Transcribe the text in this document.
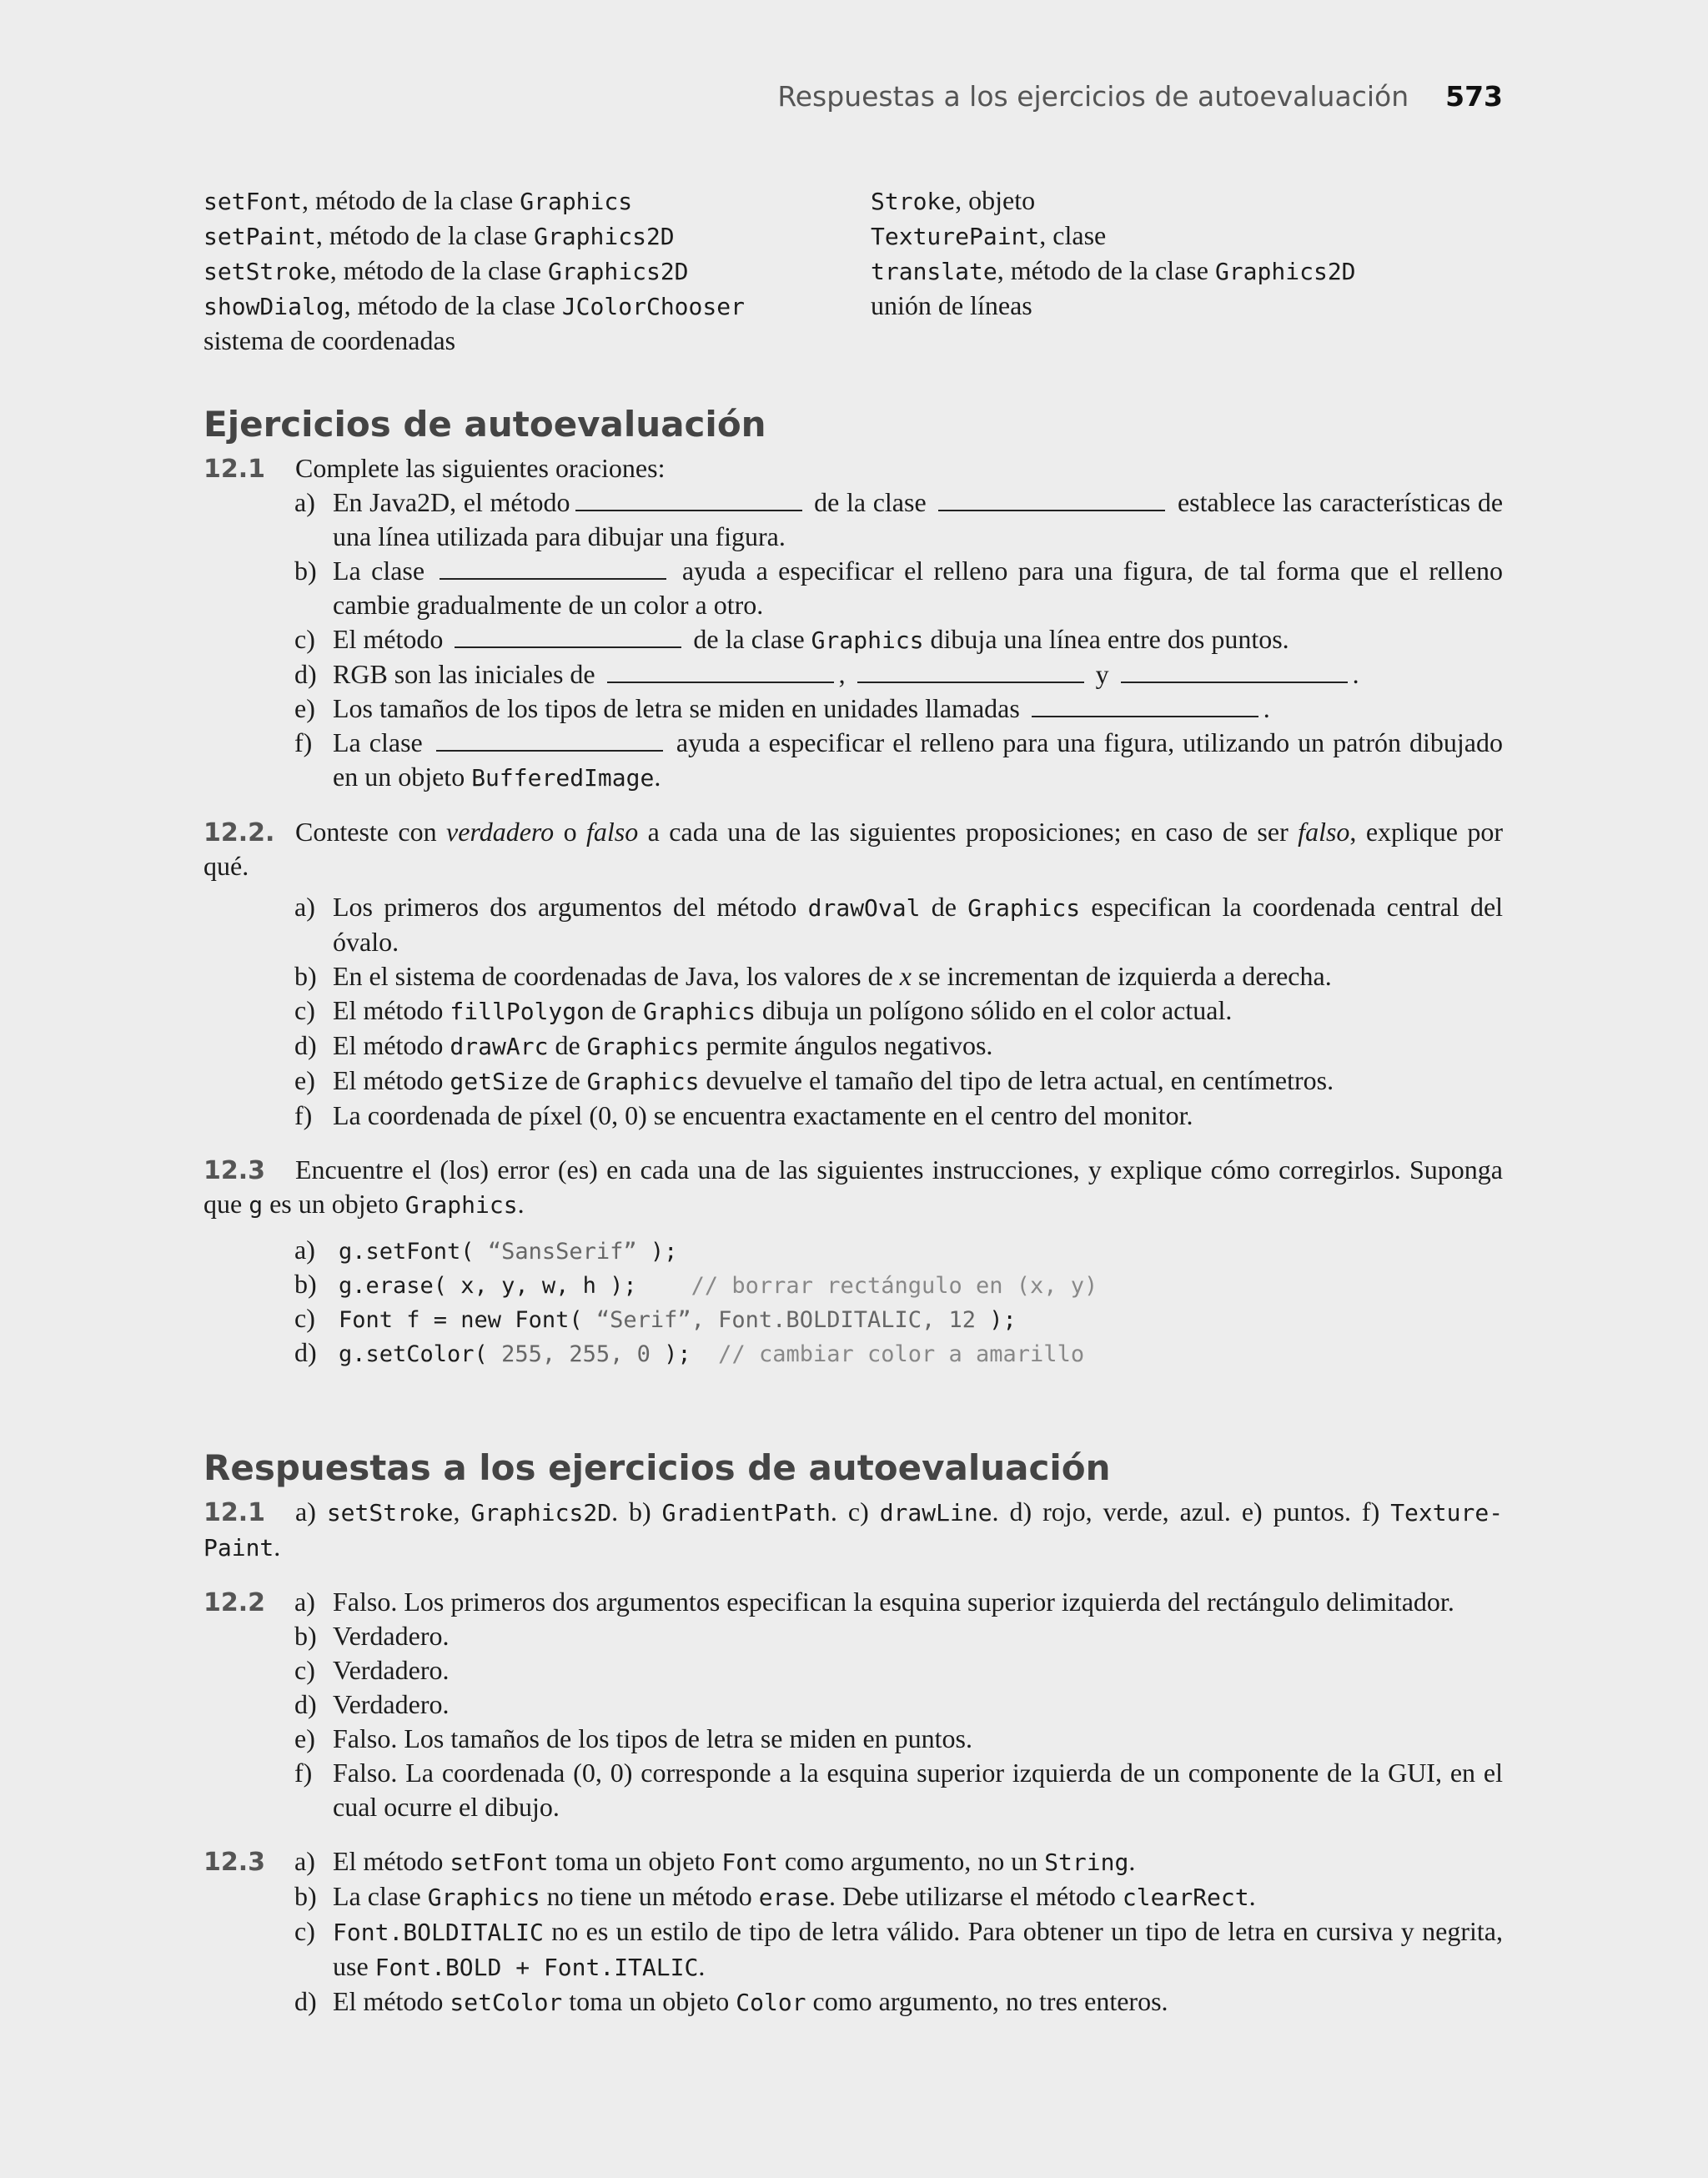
Respuestas a los ejercicios de autoevaluación 573
setFont, método de la clase Graphics
setPaint, método de la clase Graphics2D
setStroke, método de la clase Graphics2D
showDialog, método de la clase JColorChooser
sistema de coordenadas
Stroke, objeto
TexturePaint, clase
translate, método de la clase Graphics2D
unión de líneas
Ejercicios de autoevaluación
12.1	Complete las siguientes oraciones:
a) En Java2D, el método	de la clase	establece las características de una línea utilizada para dibujar una figura.
b) La clase	ayuda a especificar el relleno para una figura, de tal forma que el relleno cambie gradualmente de un color a otro.
c) El método	de la clase Graphics dibuja una línea entre dos puntos.
d) RGB son las iniciales de	,	y	.
e) Los tamaños de los tipos de letra se miden en unidades llamadas	.
f) La clase	ayuda a especificar el relleno para una figura, utilizando un patrón dibujado en un objeto BufferedImage.
12.2. Conteste con verdadero o falso a cada una de las siguientes proposiciones; en caso de ser falso, explique por qué.
a) Los primeros dos argumentos del método drawOval de Graphics especifican la coordenada central del óvalo.
b) En el sistema de coordenadas de Java, los valores de x se incrementan de izquierda a derecha.
c) El método fillPolygon de Graphics dibuja un polígono sólido en el color actual.
d) El método drawArc de Graphics permite ángulos negativos.
e) El método getSize de Graphics devuelve el tamaño del tipo de letra actual, en centímetros.
f) La coordenada de píxel (0, 0) se encuentra exactamente en el centro del monitor.
12.3	Encuentre el (los) error (es) en cada una de las siguientes instrucciones, y explique cómo corregirlos. Suponga que g es un objeto Graphics.
a) g.setFont( “SansSerif” );
b) g.erase( x, y, w, h );    // borrar rectángulo en (x, y)
c) Font f = new Font( “Serif”, Font.BOLDITALIC, 12 );
d) g.setColor( 255, 255, 0 );  // cambiar color a amarillo
Respuestas a los ejercicios de autoevaluación
12.1	a) setStroke, Graphics2D. b) GradientPath. c) drawLine. d) rojo, verde, azul. e) puntos. f) Texture-Paint.
12.2 a) Falso. Los primeros dos argumentos especifican la esquina superior izquierda del rectángulo delimitador.
b) Verdadero.
c) Verdadero.
d) Verdadero.
e) Falso. Los tamaños de los tipos de letra se miden en puntos.
f) Falso. La coordenada (0, 0) corresponde a la esquina superior izquierda de un componente de la GUI, en el cual ocurre el dibujo.
12.3 a) El método setFont toma un objeto Font como argumento, no un String.
b) La clase Graphics no tiene un método erase. Debe utilizarse el método clearRect.
c) Font.BOLDITALIC no es un estilo de tipo de letra válido. Para obtener un tipo de letra en cursiva y negrita, use Font.BOLD + Font.ITALIC.
d) El método setColor toma un objeto Color como argumento, no tres enteros.
